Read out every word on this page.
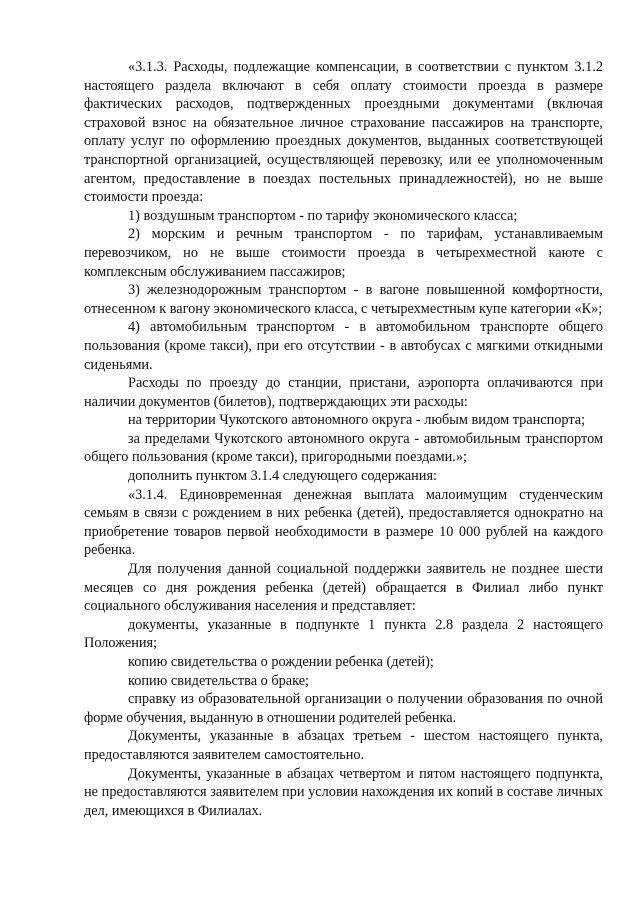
«3.1.3. Расходы, подлежащие компенсации, в соответствии с пунктом 3.1.2 настоящего раздела включают в себя оплату стоимости проезда в размере фактических расходов, подтвержденных проездными документами (включая страховой взнос на обязательное личное страхование пассажиров на транспорте, оплату услуг по оформлению проездных документов, выданных соответствующей транспортной организацией, осуществляющей перевозку, или ее уполномоченным агентом, предоставление в поездах постельных принадлежностей), но не выше стоимости проезда:

1) воздушным транспортом - по тарифу экономического класса;

2) морским и речным транспортом - по тарифам, устанавливаемым перевозчиком, но не выше стоимости проезда в четырехместной каюте с комплексным обслуживанием пассажиров;

3) железнодорожным транспортом - в вагоне повышенной комфортности, отнесенном к вагону экономического класса, с четырехместным купе категории «К»;

4) автомобильным транспортом - в автомобильном транспорте общего пользования (кроме такси), при его отсутствии - в автобусах с мягкими откидными сиденьями.

Расходы по проезду до станции, пристани, аэропорта оплачиваются при наличии документов (билетов), подтверждающих эти расходы:

на территории Чукотского автономного округа - любым видом транспорта;

за пределами Чукотского автономного округа - автомобильным транспортом общего пользования (кроме такси), пригородными поездами.»;

дополнить пунктом 3.1.4 следующего содержания:

«3.1.4. Единовременная денежная выплата малоимущим студенческим семьям в связи с рождением в них ребенка (детей), предоставляется однократно на приобретение товаров первой необходимости в размере 10 000 рублей на каждого ребенка.

Для получения данной социальной поддержки заявитель не позднее шести месяцев со дня рождения ребенка (детей) обращается в Филиал либо пункт социального обслуживания населения и представляет:

документы, указанные в подпункте 1 пункта 2.8 раздела 2 настоящего Положения;

копию свидетельства о рождении ребенка (детей);

копию свидетельства о браке;

справку из образовательной организации о получении образования по очной форме обучения, выданную в отношении родителей ребенка.

Документы, указанные в абзацах третьем - шестом настоящего пункта, предоставляются заявителем самостоятельно.

Документы, указанные в абзацах четвертом и пятом настоящего подпункта, не предоставляются заявителем при условии нахождения их копий в составе личных дел, имеющихся в Филиалах.
